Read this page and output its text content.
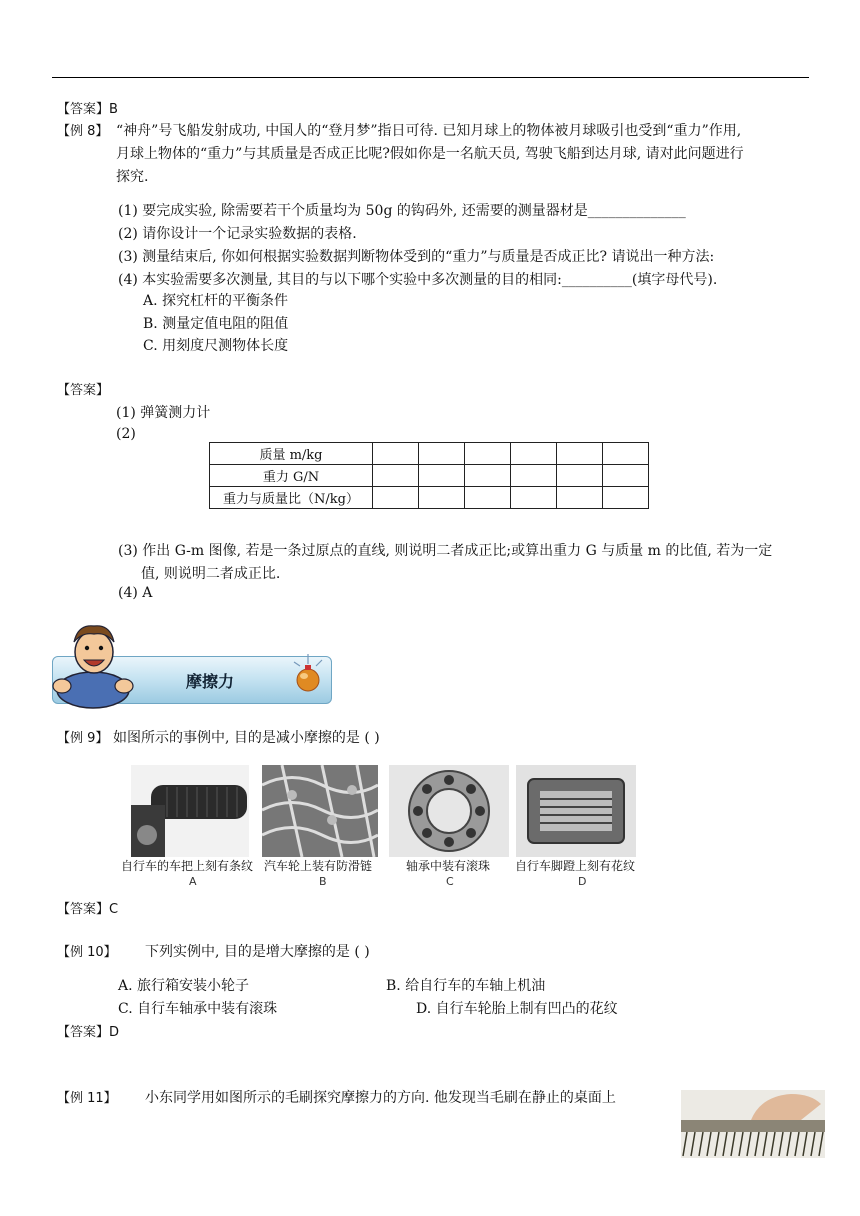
【答案】B
【例 8】 “神舟”号飞船发射成功, 中国人的“登月梦”指日可待. 已知月球上的物体被月球吸引也受到“重力”作用,
月球上物体的“重力”与其质量是否成正比呢?假如你是一名航天员, 驾驶飞船到达月球, 请对此问题进行
探究.
(1) 要完成实验, 除需要若干个质量均为 50g 的钩码外, 还需要的测量器材是______________
(2) 请你设计一个记录实验数据的表格.
(3) 测量结束后, 你如何根据实验数据判断物体受到的“重力”与质量是否成正比? 请说出一种方法:
(4) 本实验需要多次测量, 其目的与以下哪个实验中多次测量的目的相同:__________(填字母代号).
A. 探究杠杆的平衡条件
B. 测量定值电阻的阻值
C. 用刻度尺测物体长度
【答案】
(1) 弹簧测力计
(2)
质量 m/kg						
重力 G/N						
重力与质量比（N/kg）						
(3) 作出 G-m 图像, 若是一条过原点的直线, 则说明二者成正比;或算出重力 G 与质量 m 的比值, 若为一定
值, 则说明二者成正比.
(4) A
摩擦力
【例 9】 如图所示的事例中, 目的是减小摩擦的是 ( )
自行车的车把上刻有条纹 汽车轮上装有防滑链	轴承中装有滚珠 自行车脚蹬上刻有花纹
A	B	C	D
【答案】C
【例 10】 下列实例中, 目的是增大摩擦的是 ( )
A. 旅行箱安装小轮子	B. 给自行车的车轴上机油
C. 自行车轴承中装有滚珠	D. 自行车轮胎上制有凹凸的花纹
【答案】D
【例 11】 小东同学用如图所示的毛刷探究摩擦力的方向. 他发现当毛刷在静止的桌面上
